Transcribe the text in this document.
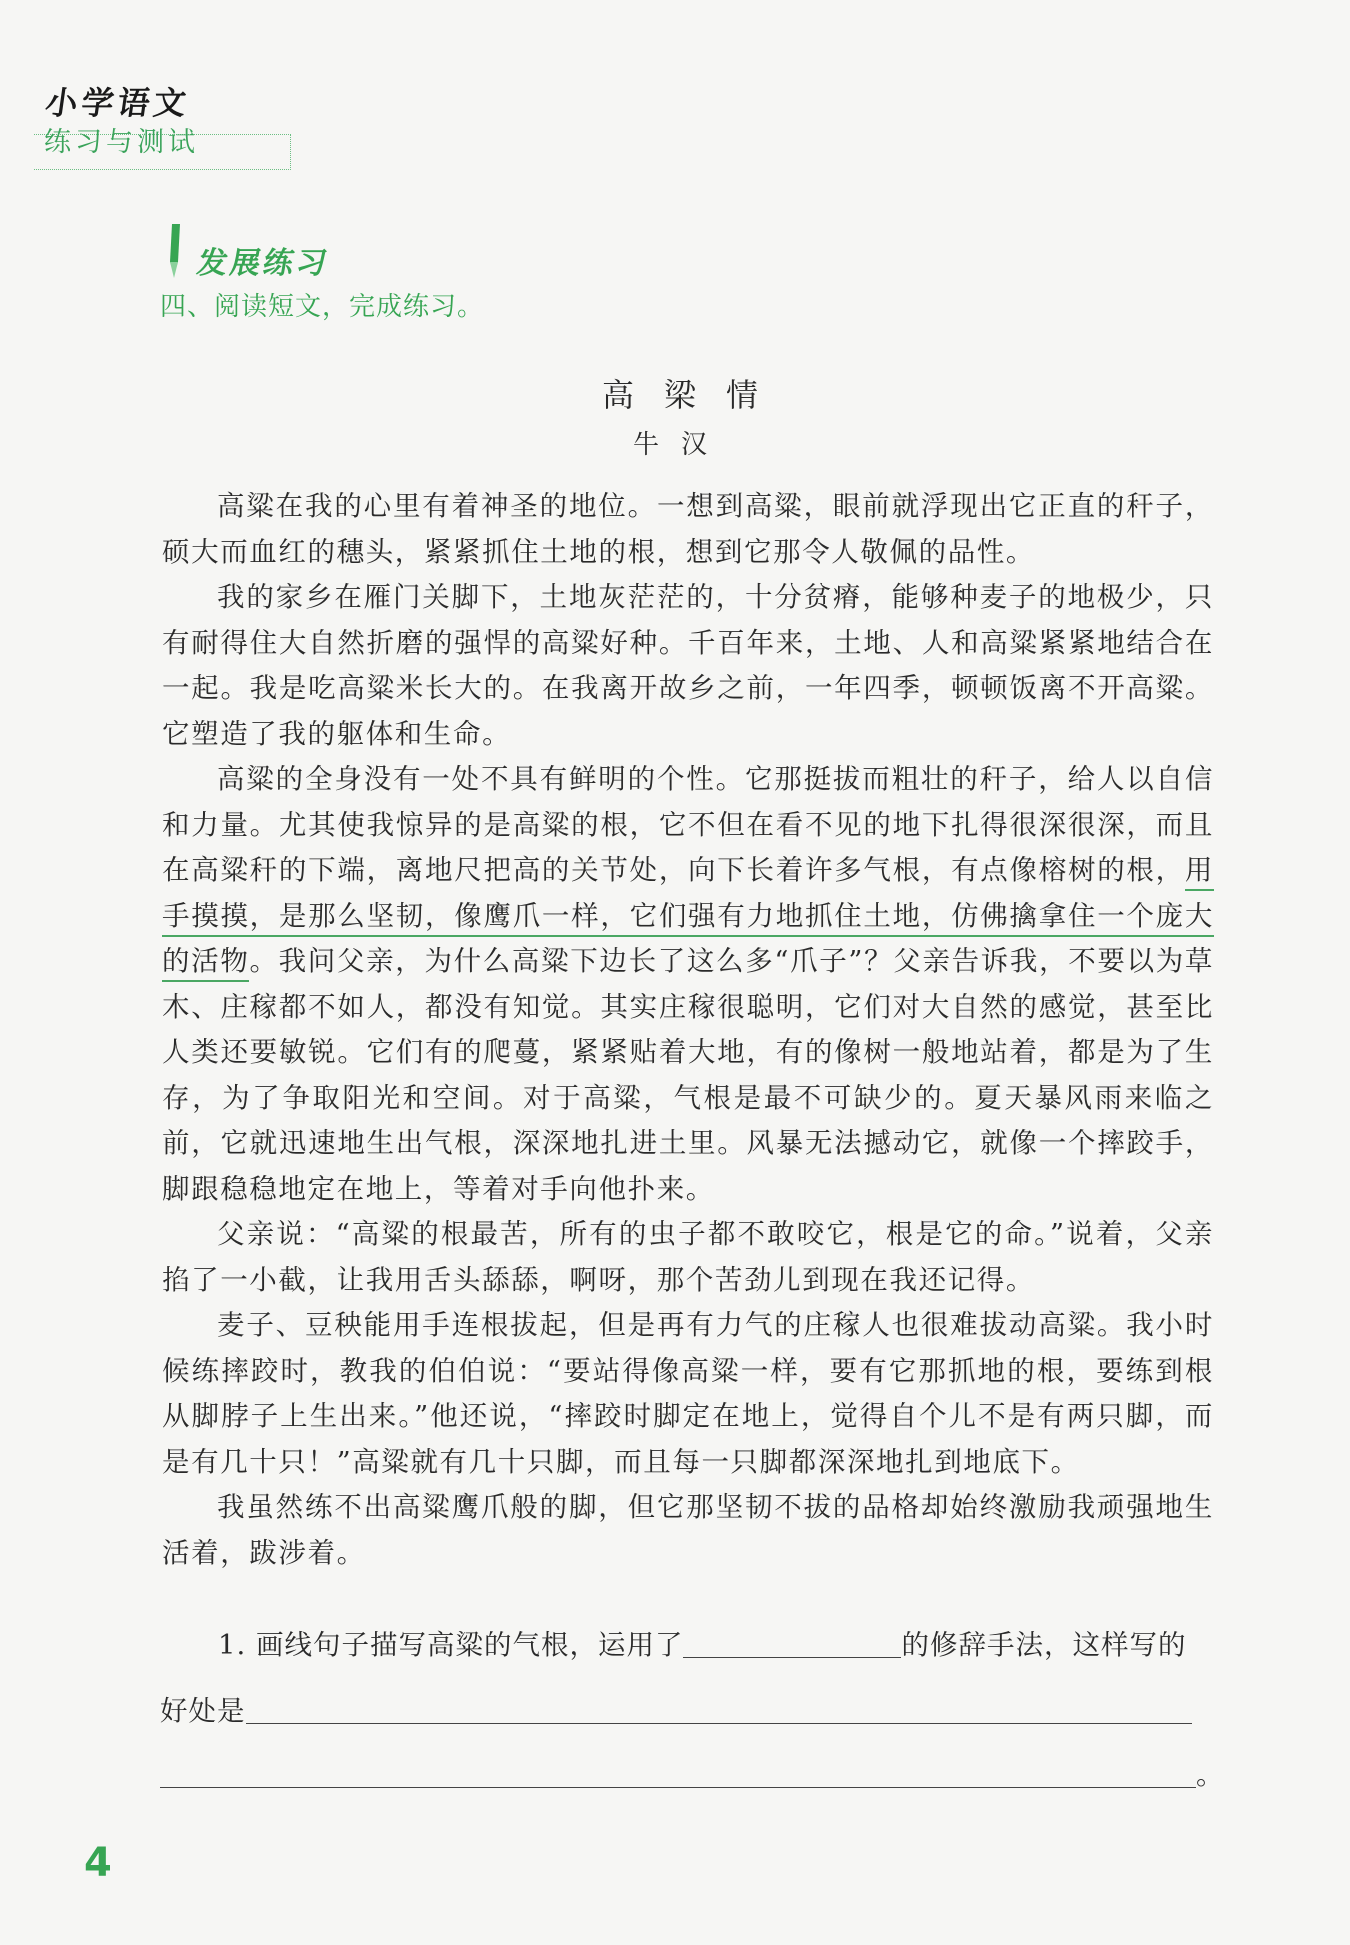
小学语文
练习与测试
发展练习
四、阅读短文，完成练习。
高梁情
牛汉

高粱在我的心里有着神圣的地位。一想到高粱，眼前就浮现出它正直的秆子，硕大而血红的穗头，紧紧抓住土地的根，想到它那令人敬佩的品性。

我的家乡在雁门关脚下，土地灰茫茫的，十分贫瘠，能够种麦子的地极少，只有耐得住大自然折磨的强悍的高粱好种。千百年来，土地、人和高粱紧紧地结合在一起。我是吃高粱米长大的。在我离开故乡之前，一年四季，顿顿饭离不开高粱。它塑造了我的躯体和生命。

高粱的全身没有一处不具有鲜明的个性。它那挺拔而粗壮的秆子，给人以自信和力量。尤其使我惊异的是高粱的根，它不但在看不见的地下扎得很深很深，而且在高粱秆的下端，离地尺把高的关节处，向下长着许多气根，有点像榕树的根，用手摸摸，是那么坚韧，像鹰爪一样，它们强有力地抓住土地，仿佛擒拿住一个庞大的活物。我问父亲，为什么高粱下边长了这么多“爪子”？父亲告诉我，不要以为草木、庄稼都不如人，都没有知觉。其实庄稼很聪明，它们对大自然的感觉，甚至比人类还要敏锐。它们有的爬蔓，紧紧贴着大地，有的像树一般地站着，都是为了生存，为了争取阳光和空间。对于高粱，气根是最不可缺少的。夏天暴风雨来临之前，它就迅速地生出气根，深深地扎进土里。风暴无法撼动它，就像一个摔跤手，脚跟稳稳地定在地上，等着对手向他扑来。

父亲说：“高粱的根最苦，所有的虫子都不敢咬它，根是它的命。”说着，父亲掐了一小截，让我用舌头舔舔，啊呀，那个苦劲儿到现在我还记得。

麦子、豆秧能用手连根拔起，但是再有力气的庄稼人也很难拔动高粱。我小时候练摔跤时，教我的伯伯说：“要站得像高粱一样，要有它那抓地的根，要练到根从脚脖子上生出来。”他还说，“摔跤时脚定在地上，觉得自个儿不是有两只脚，而是有几十只！”高粱就有几十只脚，而且每一只脚都深深地扎到地底下。

我虽然练不出高粱鹰爪般的脚，但它那坚韧不拔的品格却始终激励我顽强地生活着，跋涉着。

1. 画线句子描写高粱的气根，运用了	的修辞手法，这样写的
好处是
。
4
